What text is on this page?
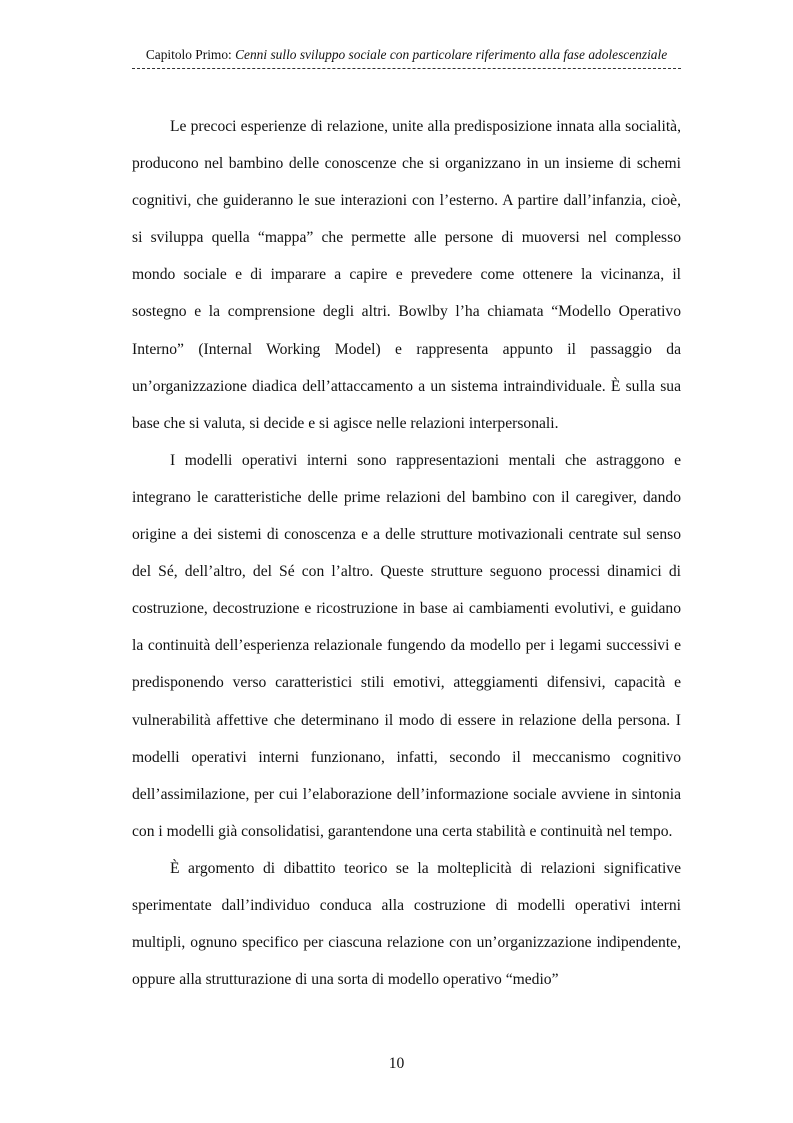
Capitolo Primo: Cenni sullo sviluppo sociale con particolare riferimento alla fase adolescenziale

Le precoci esperienze di relazione, unite alla predisposizione innata alla socialità, producono nel bambino delle conoscenze che si organizzano in un insieme di schemi cognitivi, che guideranno le sue interazioni con l’esterno. A partire dall’infanzia, cioè, si sviluppa quella “mappa” che permette alle persone di muoversi nel complesso mondo sociale e di imparare a capire e prevedere come ottenere la vicinanza, il sostegno e la comprensione degli altri. Bowlby l’ha chiamata “Modello Operativo Interno” (Internal Working Model) e rappresenta appunto il passaggio da un’organizzazione diadica dell’attaccamento a un sistema intraindividuale. È sulla sua base che si valuta, si decide e si agisce nelle relazioni interpersonali.

I modelli operativi interni sono rappresentazioni mentali che astraggono e integrano le caratteristiche delle prime relazioni del bambino con il caregiver, dando origine a dei sistemi di conoscenza e a delle strutture motivazionali centrate sul senso del Sé, dell’altro, del Sé con l’altro. Queste strutture seguono processi dinamici di costruzione, decostruzione e ricostruzione in base ai cambiamenti evolutivi, e guidano la continuità dell’esperienza relazionale fungendo da modello per i legami successivi e predisponendo verso caratteristici stili emotivi, atteggiamenti difensivi, capacità e vulnerabilità affettive che determinano il modo di essere in relazione della persona. I modelli operativi interni funzionano, infatti, secondo il meccanismo cognitivo dell’assimilazione, per cui l’elaborazione dell’informazione sociale avviene in sintonia con i modelli già consolidatisi, garantendone una certa stabilità e continuità nel tempo.

È argomento di dibattito teorico se la molteplicità di relazioni significative sperimentate dall’individuo conduca alla costruzione di modelli operativi interni multipli, ognuno specifico per ciascuna relazione con un’organizzazione indipendente, oppure alla strutturazione di una sorta di modello operativo “medio”

10
